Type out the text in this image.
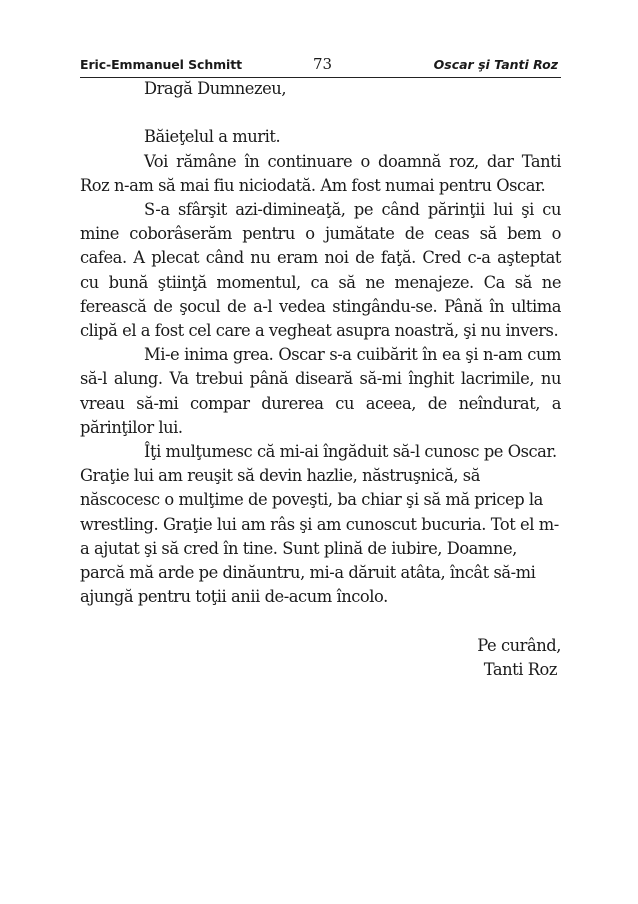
Eric-Emmanuel Schmitt	73	Oscar şi Tanti Roz

Dragă Dumnezeu,

Băieţelul a murit.

Voi rămâne în continuare o doamnă roz, dar Tanti Roz n-am să mai fiu niciodată. Am fost numai pentru Oscar.

S-a sfârşit azi-dimineaţă, pe când părinţii lui şi cu mine coborâserăm pentru o jumătate de ceas să bem o cafea. A plecat când nu eram noi de faţă. Cred c-a aşteptat cu bună ştiinţă momentul, ca să ne menajeze. Ca să ne ferească de şocul de a-l vedea stingându-se. Până în ultima clipă el a fost cel care a vegheat asupra noastră, şi nu invers.

Mi-e inima grea. Oscar s-a cuibărit în ea şi n-am cum să-l alung. Va trebui până diseară să-mi înghit lacrimile, nu vreau să-mi compar durerea cu aceea, de neîndurat, a părinţilor lui.

Îţi mulţumesc că mi-ai îngăduit să-l cunosc pe Oscar. Graţie lui am reuşit să devin hazlie, năstruşnică, să născocesc o mulţime de poveşti, ba chiar şi să mă pricep la wrestling. Graţie lui am râs şi am cunoscut bucuria. Tot el m-a ajutat şi să cred în tine. Sunt plină de iubire, Doamne, parcă mă arde pe dinăuntru, mi-a dăruit atâta, încât să-mi ajungă pentru toţii anii de-acum încolo.

Pe curând,
Tanti Roz
